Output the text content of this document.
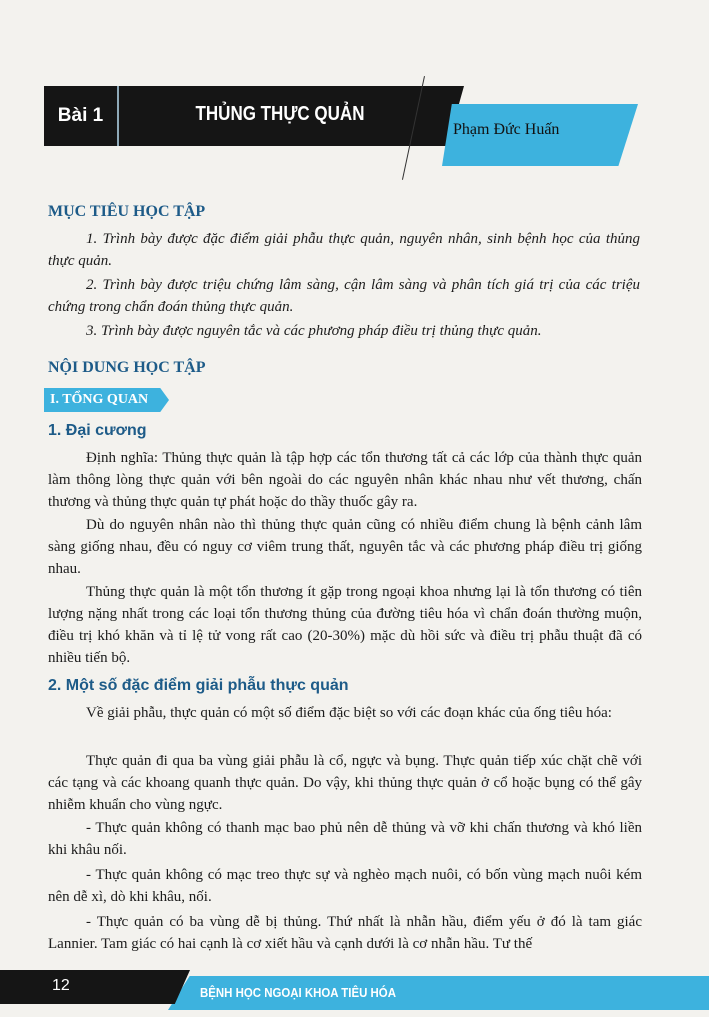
Bài 1	THỦNG THỰC QUẢN
Phạm Đức Huấn
MỤC TIÊU HỌC TẬP
1. Trình bày được đặc điểm giải phẫu thực quản, nguyên nhân, sinh bệnh học của thủng thực quản.
2. Trình bày được triệu chứng lâm sàng, cận lâm sàng và phân tích giá trị của các triệu chứng trong chẩn đoán thủng thực quản.
3. Trình bày được nguyên tắc và các phương pháp điều trị thủng thực quản.
NỘI DUNG HỌC TẬP
I. TỔNG QUAN
1. Đại cương
Định nghĩa: Thủng thực quản là tập hợp các tổn thương tất cả các lớp của thành thực quản làm thông lòng thực quản với bên ngoài do các nguyên nhân khác nhau như vết thương, chấn thương và thủng thực quản tự phát hoặc do thầy thuốc gây ra.
Dù do nguyên nhân nào thì thủng thực quản cũng có nhiều điểm chung là bệnh cảnh lâm sàng giống nhau, đều có nguy cơ viêm trung thất, nguyên tắc và các phương pháp điều trị giống nhau.
Thủng thực quản là một tổn thương ít gặp trong ngoại khoa nhưng lại là tổn thương có tiên lượng nặng nhất trong các loại tổn thương thủng của đường tiêu hóa vì chẩn đoán thường muộn, điều trị khó khăn và tỉ lệ tử vong rất cao (20-30%) mặc dù hồi sức và điều trị phẫu thuật đã có nhiều tiến bộ.
2. Một số đặc điểm giải phẫu thực quản
Về giải phẫu, thực quản có một số điểm đặc biệt so với các đoạn khác của ống tiêu hóa:
Thực quản đi qua ba vùng giải phẫu là cổ, ngực và bụng. Thực quản tiếp xúc chặt chẽ với các tạng và các khoang quanh thực quản. Do vậy, khi thủng thực quản ở cổ hoặc bụng có thể gây nhiễm khuẩn cho vùng ngực.
- Thực quản không có thanh mạc bao phủ nên dễ thủng và vỡ khi chấn thương và khó liền khi khâu nối.
- Thực quản không có mạc treo thực sự và nghèo mạch nuôi, có bốn vùng mạch nuôi kém nên dễ xì, dò khi khâu, nối.
- Thực quản có ba vùng dễ bị thủng. Thứ nhất là nhẫn hầu, điểm yếu ở đó là tam giác Lannier. Tam giác có hai cạnh là cơ xiết hầu và cạnh dưới là cơ nhẫn hầu. Tư thế
12	BỆNH HỌC NGOẠI KHOA TIÊU HÓA
